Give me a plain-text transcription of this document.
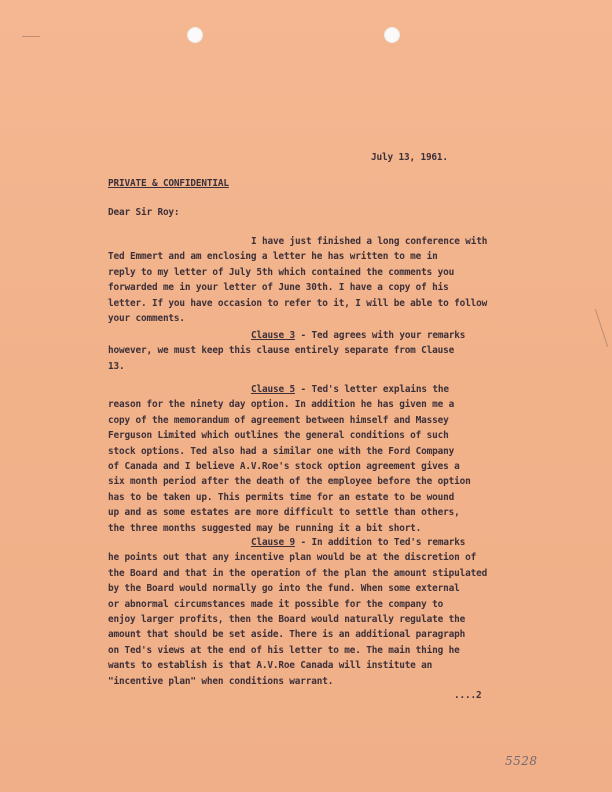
July 13, 1961.
PRIVATE & CONFIDENTIAL
Dear Sir Roy:
I have just finished a long conference with
Ted Emmert and am enclosing a letter he has written to me in
reply to my letter of July 5th which contained the comments you
forwarded me in your letter of June 30th. I have a copy of his
letter. If you have occasion to refer to it, I will be able to follow
your comments.
Clause 3 - Ted agrees with your remarks
however, we must keep this clause entirely separate from Clause
13.
Clause 5 - Ted's letter explains the
reason for the ninety day option. In addition he has given me a
copy of the memorandum of agreement between himself and Massey
Ferguson Limited which outlines the general conditions of such
stock options. Ted also had a similar one with the Ford Company
of Canada and I believe A.V.Roe's stock option agreement gives a
six month period after the death of the employee before the option
has to be taken up. This permits time for an estate to be wound
up and as some estates are more difficult to settle than others,
the three months suggested may be running it a bit short.
Clause 9 - In addition to Ted's remarks
he points out that any incentive plan would be at the discretion of
the Board and that in the operation of the plan the amount stipulated
by the Board would normally go into the fund. When some external
or abnormal circumstances made it possible for the company to
enjoy larger profits, then the Board would naturally regulate the
amount that should be set aside. There is an additional paragraph
on Ted's views at the end of his letter to me. The main thing he
wants to establish is that A.V.Roe Canada will institute an
"incentive plan" when conditions warrant.
....2
5528
